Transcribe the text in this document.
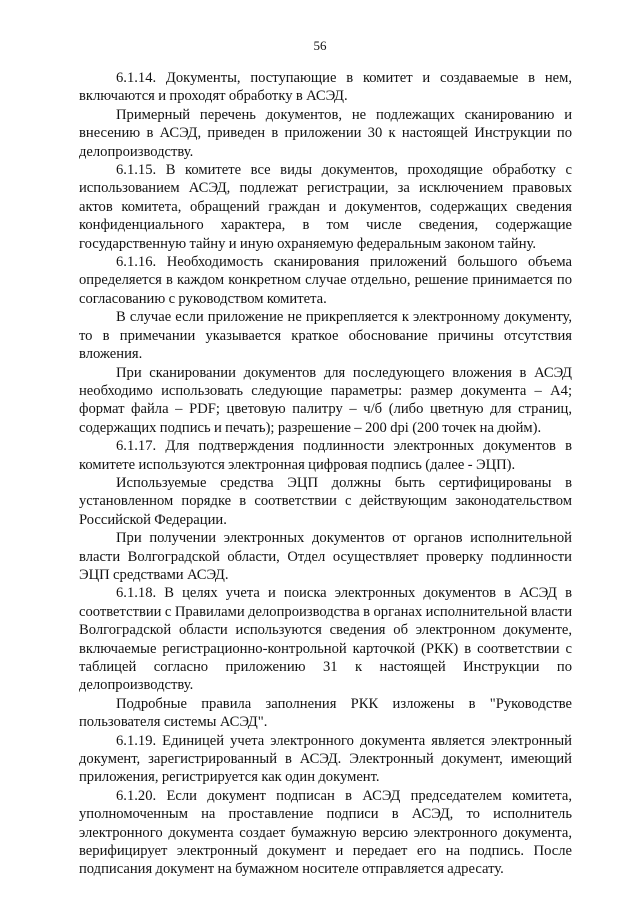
56

6.1.14. Документы, поступающие в комитет и создаваемые в нем, включаются и проходят обработку в АСЭД.

Примерный перечень документов, не подлежащих сканированию и внесению в АСЭД, приведен в приложении 30 к настоящей Инструкции по делопроизводству.

6.1.15. В комитете все виды документов, проходящие обработку с использованием АСЭД, подлежат регистрации, за исключением правовых актов комитета, обращений граждан и документов, содержащих сведения конфиденциального характера, в том числе сведения, содержащие государственную тайну и иную охраняемую федеральным законом тайну.

6.1.16. Необходимость сканирования приложений большого объема определяется в каждом конкретном случае отдельно, решение принимается по согласованию с руководством комитета.

В случае если приложение не прикрепляется к электронному документу, то в примечании указывается краткое обоснование причины отсутствия вложения.

При сканировании документов для последующего вложения в АСЭД необходимо использовать следующие параметры: размер документа – А4; формат файла – PDF; цветовую палитру – ч/б (либо цветную для страниц, содержащих подпись и печать); разрешение – 200 dpi (200 точек на дюйм).

6.1.17. Для подтверждения подлинности электронных документов в комитете используются электронная цифровая подпись (далее - ЭЦП).

Используемые средства ЭЦП должны быть сертифицированы в установленном порядке в соответствии с действующим законодательством Российской Федерации.

При получении электронных документов от органов исполнительной власти Волгоградской области, Отдел осуществляет проверку подлинности ЭЦП средствами АСЭД.

6.1.18. В целях учета и поиска электронных документов в АСЭД в соответствии с Правилами делопроизводства в органах исполнительной власти Волгоградской области используются сведения об электронном документе, включаемые регистрационно-контрольной карточкой (РКК) в соответствии с таблицей согласно приложению 31 к настоящей Инструкции по делопроизводству.

Подробные правила заполнения РКК изложены в "Руководстве пользователя системы АСЭД".

6.1.19. Единицей учета электронного документа является электронный документ, зарегистрированный в АСЭД. Электронный документ, имеющий приложения, регистрируется как один документ.

6.1.20. Если документ подписан в АСЭД председателем комитета, уполномоченным на проставление подписи в АСЭД, то исполнитель электронного документа создает бумажную версию электронного документа, верифицирует электронный документ и передает его на подпись. После подписания документ на бумажном носителе отправляется адресату.
